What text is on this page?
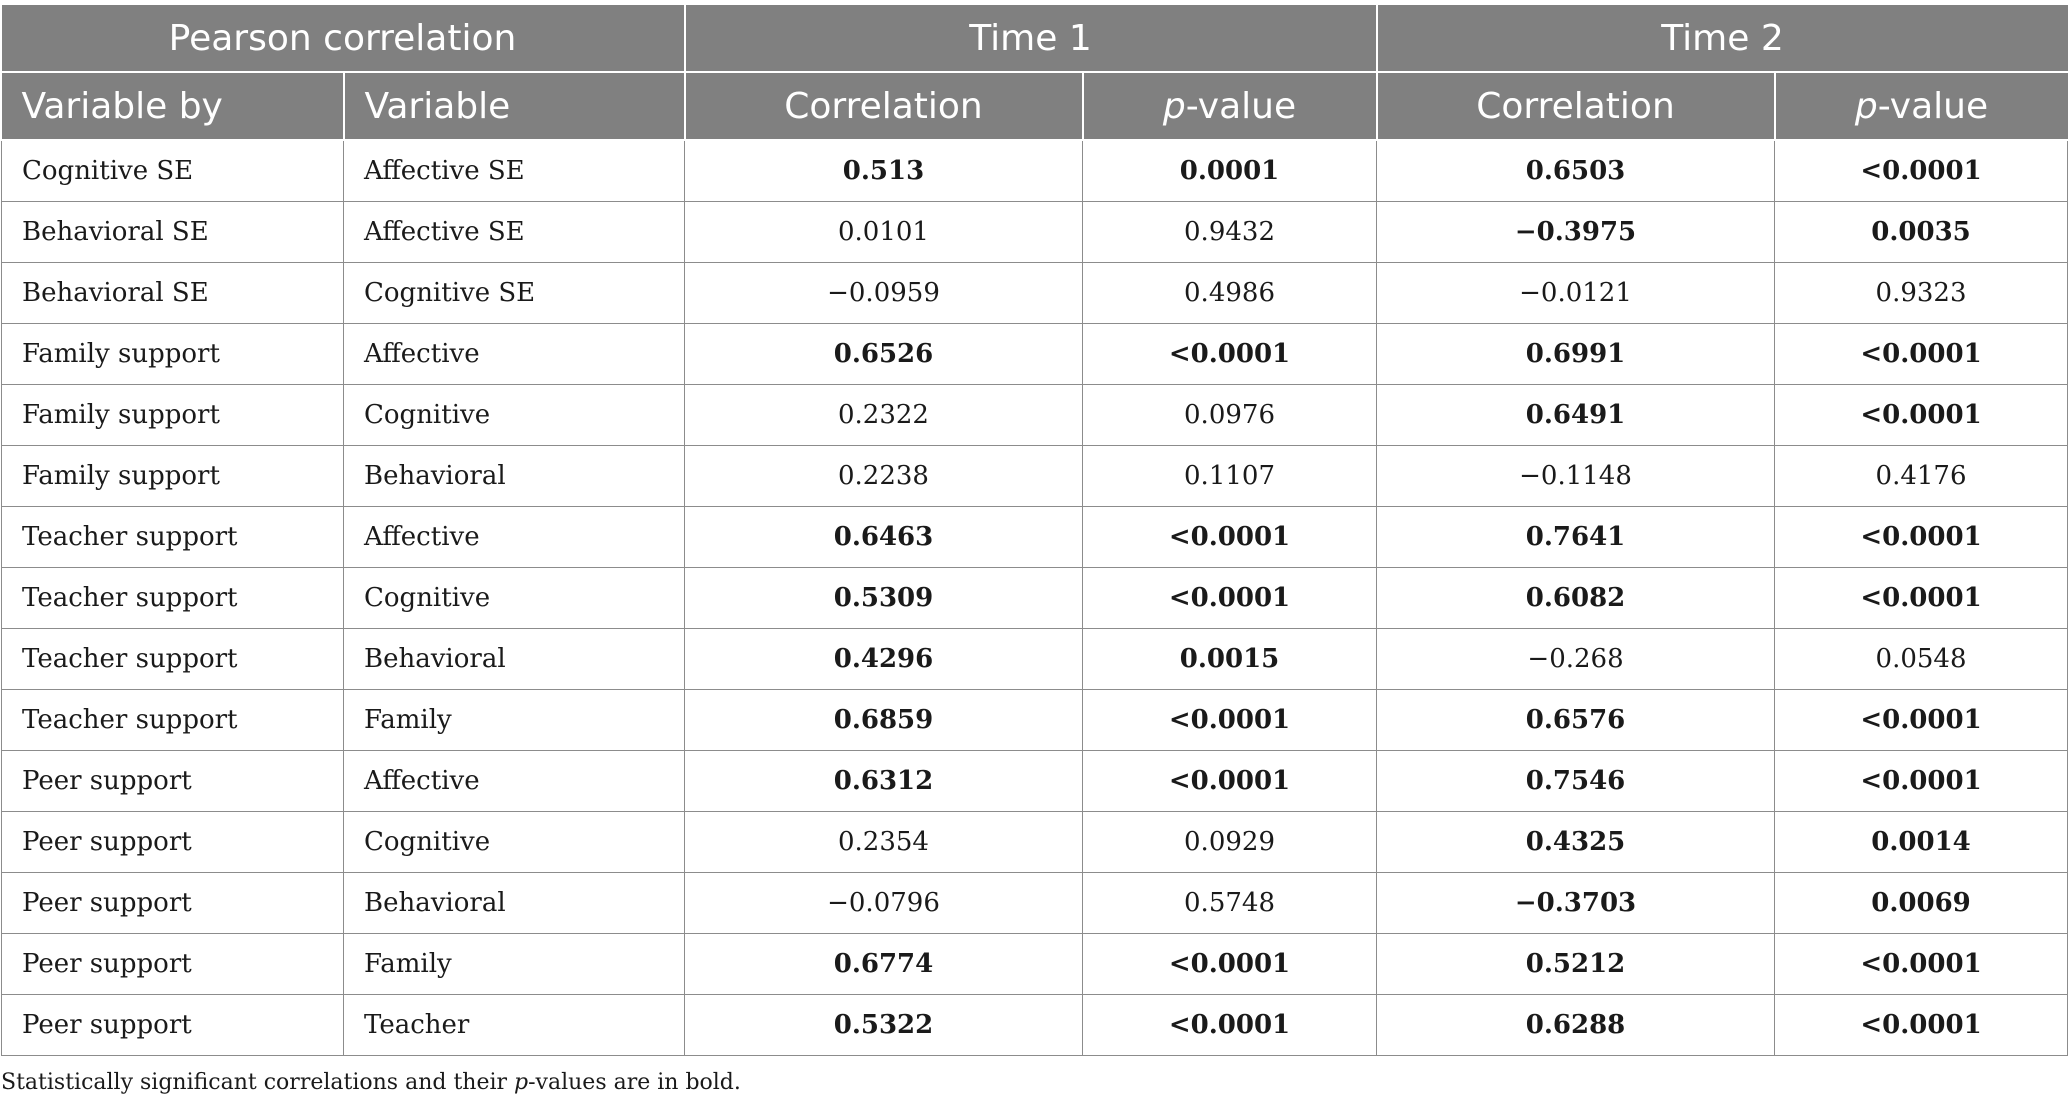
Pearson correlation		Time 1		Time 2	
Variable by	Variable	Correlation	p-value	Correlation	p-value
Cognitive SE	Affective SE	0.513	0.0001	0.6503	<0.0001
Behavioral SE	Affective SE	0.0101	0.9432	−0.3975	0.0035
Behavioral SE	Cognitive SE	−0.0959	0.4986	−0.0121	0.9323
Family support	Affective	0.6526	<0.0001	0.6991	<0.0001
Family support	Cognitive	0.2322	0.0976	0.6491	<0.0001
Family support	Behavioral	0.2238	0.1107	−0.1148	0.4176
Teacher support	Affective	0.6463	<0.0001	0.7641	<0.0001
Teacher support	Cognitive	0.5309	<0.0001	0.6082	<0.0001
Teacher support	Behavioral	0.4296	0.0015	−0.268	0.0548
Teacher support	Family	0.6859	<0.0001	0.6576	<0.0001
Peer support	Affective	0.6312	<0.0001	0.7546	<0.0001
Peer support	Cognitive	0.2354	0.0929	0.4325	0.0014
Peer support	Behavioral	−0.0796	0.5748	−0.3703	0.0069
Peer support	Family	0.6774	<0.0001	0.5212	<0.0001
Peer support	Teacher	0.5322	<0.0001	0.6288	<0.0001
Statistically significant correlations and their p-values are in bold.
